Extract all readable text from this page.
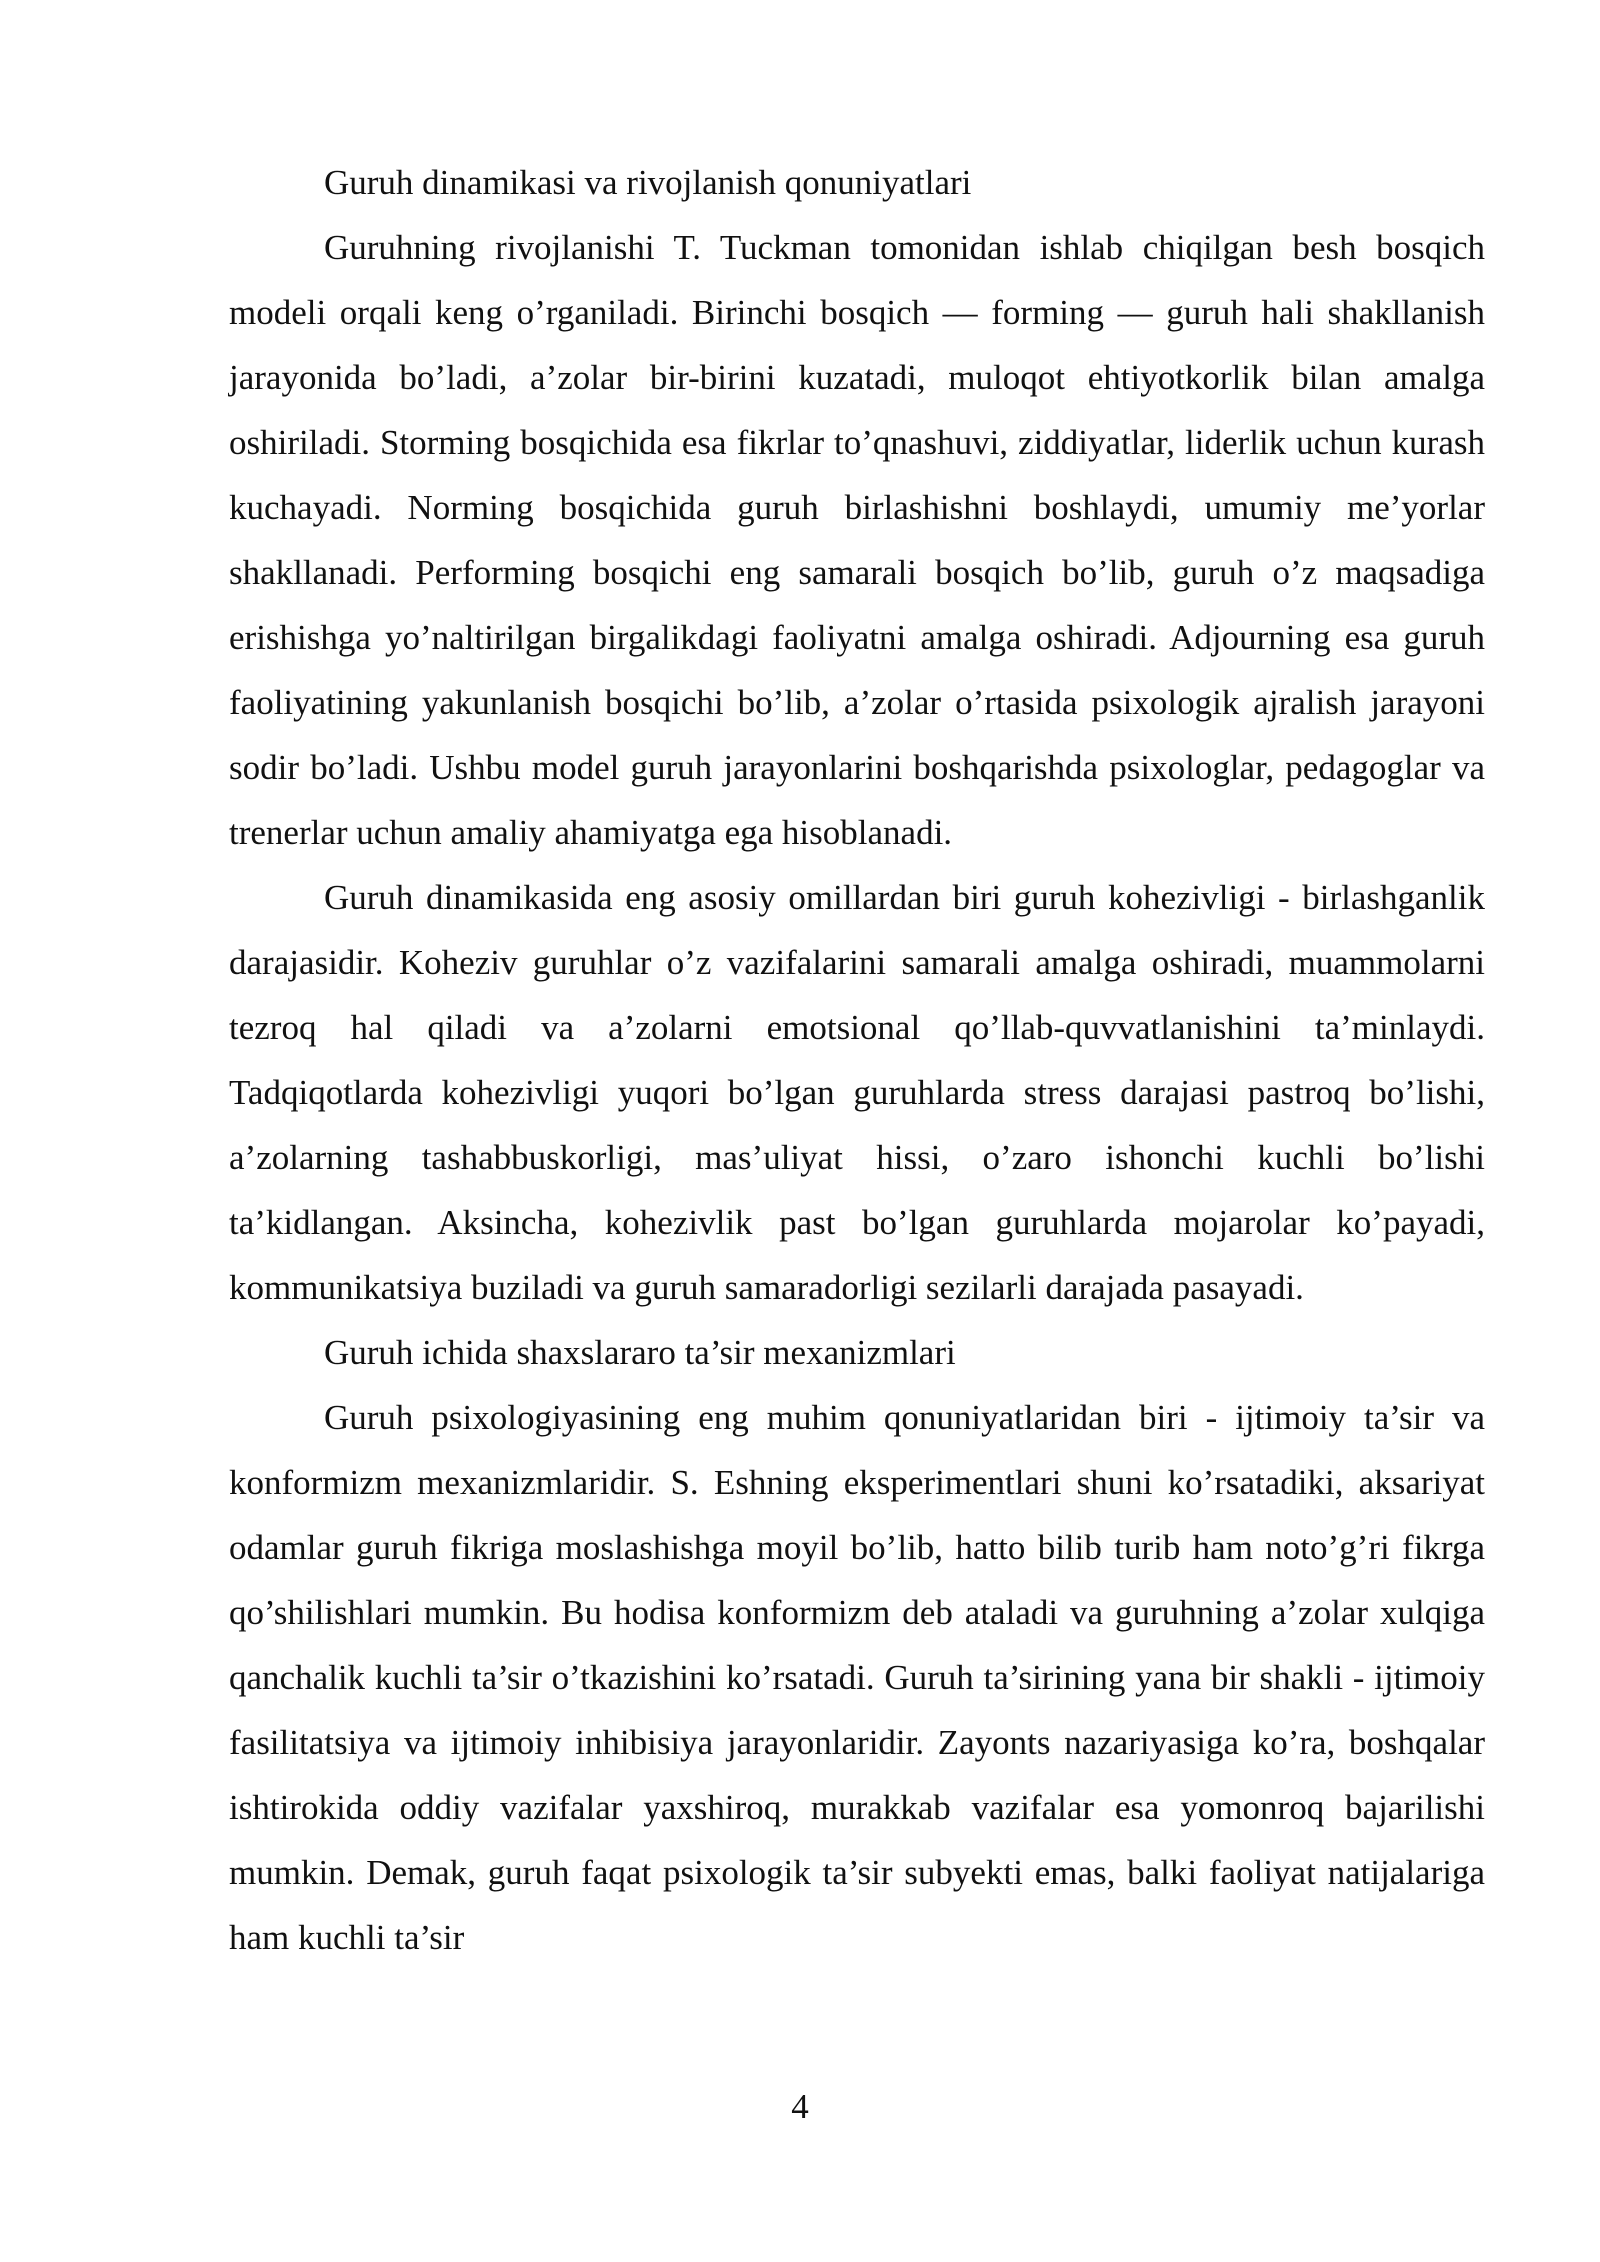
Guruh dinamikasi va rivojlanish qonuniyatlari

Guruhning rivojlanishi T. Tuckman tomonidan ishlab chiqilgan besh bosqich modeli orqali keng o’rganiladi. Birinchi bosqich — forming — guruh hali shakllanish jarayonida bo’ladi, a’zolar bir-birini kuzatadi, muloqot ehtiyotkorlik bilan amalga oshiriladi. Storming bosqichida esa fikrlar to’qnashuvi, ziddiyatlar, liderlik uchun kurash kuchayadi. Norming bosqichida guruh birlashishni boshlaydi, umumiy me’yorlar shakllanadi. Performing bosqichi eng samarali bosqich bo’lib, guruh o’z maqsadiga erishishga yo’naltirilgan birgalikdagi faoliyatni amalga oshiradi. Adjourning esa guruh faoliyatining yakunlanish bosqichi bo’lib, a’zolar o’rtasida psixologik ajralish jarayoni sodir bo’ladi. Ushbu model guruh jarayonlarini boshqarishda psixologlar, pedagoglar va trenerlar uchun amaliy ahamiyatga ega hisoblanadi.

Guruh dinamikasida eng asosiy omillardan biri guruh kohezivligi - birlashganlik darajasidir. Koheziv guruhlar o’z vazifalarini samarali amalga oshiradi, muammolarni tezroq hal qiladi va a’zolarni emotsional qo’llab-quvvatlanishini ta’minlaydi. Tadqiqotlarda kohezivligi yuqori bo’lgan guruhlarda stress darajasi pastroq bo’lishi, a’zolarning tashabbuskorligi, mas’uliyat hissi, o’zaro ishonchi kuchli bo’lishi ta’kidlangan. Aksincha, kohezivlik past bo’lgan guruhlarda mojarolar ko’payadi, kommunikatsiya buziladi va guruh samaradorligi sezilarli darajada pasayadi.

Guruh ichida shaxslararo ta’sir mexanizmlari

Guruh psixologiyasining eng muhim qonuniyatlaridan biri - ijtimoiy ta’sir va konformizm mexanizmlaridir. S. Eshning eksperimentlari shuni ko’rsatadiki, aksariyat odamlar guruh fikriga moslashishga moyil bo’lib, hatto bilib turib ham noto’g’ri fikrga qo’shilishlari mumkin. Bu hodisa konformizm deb ataladi va guruhning a’zolar xulqiga qanchalik kuchli ta’sir o’tkazishini ko’rsatadi. Guruh ta’sirining yana bir shakli - ijtimoiy fasilitatsiya va ijtimoiy inhibisiya jarayonlaridir. Zayonts nazariyasiga ko’ra, boshqalar ishtirokida oddiy vazifalar yaxshiroq, murakkab vazifalar esa yomonroq bajarilishi mumkin. Demak, guruh faqat psixologik ta’sir subyekti emas, balki faoliyat natijalariga ham kuchli ta’sir

4
